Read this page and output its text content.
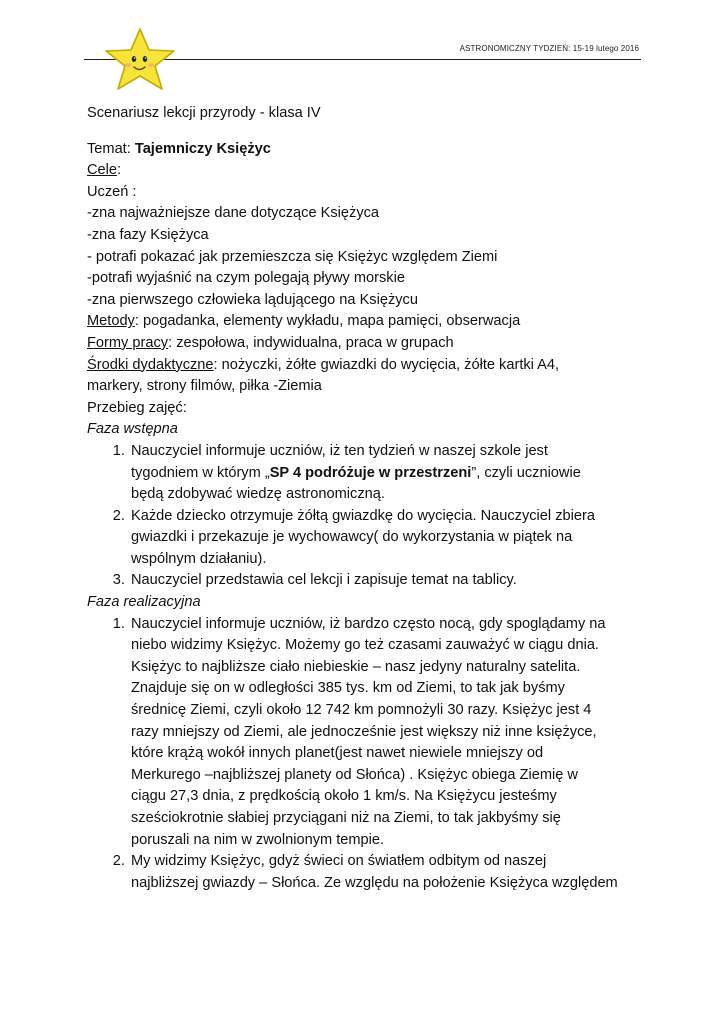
ASTRONOMICZNY TYDZIEŃ: 15-19 lutego 2016
Scenariusz lekcji przyrody - klasa IV
Temat: Tajemniczy Księżyc
Cele:
Uczeń :
-zna najważniejsze dane dotyczące Księżyca
-zna fazy Księżyca
- potrafi pokazać jak przemieszcza się Księżyc względem Ziemi
-potrafi wyjaśnić na czym polegają pływy morskie
-zna pierwszego człowieka lądującego na Księżycu
Metody: pogadanka, elementy wykładu, mapa pamięci, obserwacja
Formy pracy: zespołowa, indywidualna, praca w grupach
Środki dydaktyczne: nożyczki, żółte gwiazdki do wycięcia, żółte kartki A4,
markery, strony filmów, piłka -Ziemia
Przebieg zajęć:
Faza wstępna
1. Nauczyciel informuje uczniów, iż ten tydzień w naszej szkole jest
tygodniem w którym „SP 4 podróżuje w przestrzeni”, czyli uczniowie
będą zdobywać wiedzę astronomiczną.
2. Każde dziecko otrzymuje żółtą gwiazdkę do wycięcia. Nauczyciel zbiera
gwiazdki i przekazuje je wychowawcy( do wykorzystania w piątek na
wspólnym działaniu).
3. Nauczyciel przedstawia cel lekcji i zapisuje temat na tablicy.
Faza realizacyjna
1. Nauczyciel informuje uczniów, iż bardzo często nocą, gdy spoglądamy na
niebo widzimy Księżyc. Możemy go też czasami zauważyć w ciągu dnia.
Księżyc to najbliższe ciało niebieskie – nasz jedyny naturalny satelita.
Znajduje się on w odległości 385 tys. km od Ziemi, to tak jak byśmy
średnicę Ziemi, czyli około 12 742 km pomnożyli 30 razy. Księżyc jest 4
razy mniejszy od Ziemi, ale jednocześnie jest większy niż inne księżyce,
które krążą wokół innych planet(jest nawet niewiele mniejszy od
Merkurego –najbliższej planety od Słońca) . Księżyc obiega Ziemię w
ciągu 27,3 dnia, z prędkością około 1 km/s. Na Księżycu jesteśmy
sześciokrotnie słabiej przyciągani niż na Ziemi, to tak jakbyśmy się
poruszali na nim w zwolnionym tempie.
2. My widzimy Księżyc, gdyż świeci on światłem odbitym od naszej
najbliższej gwiazdy – Słońca. Ze względu na położenie Księżyca względem
